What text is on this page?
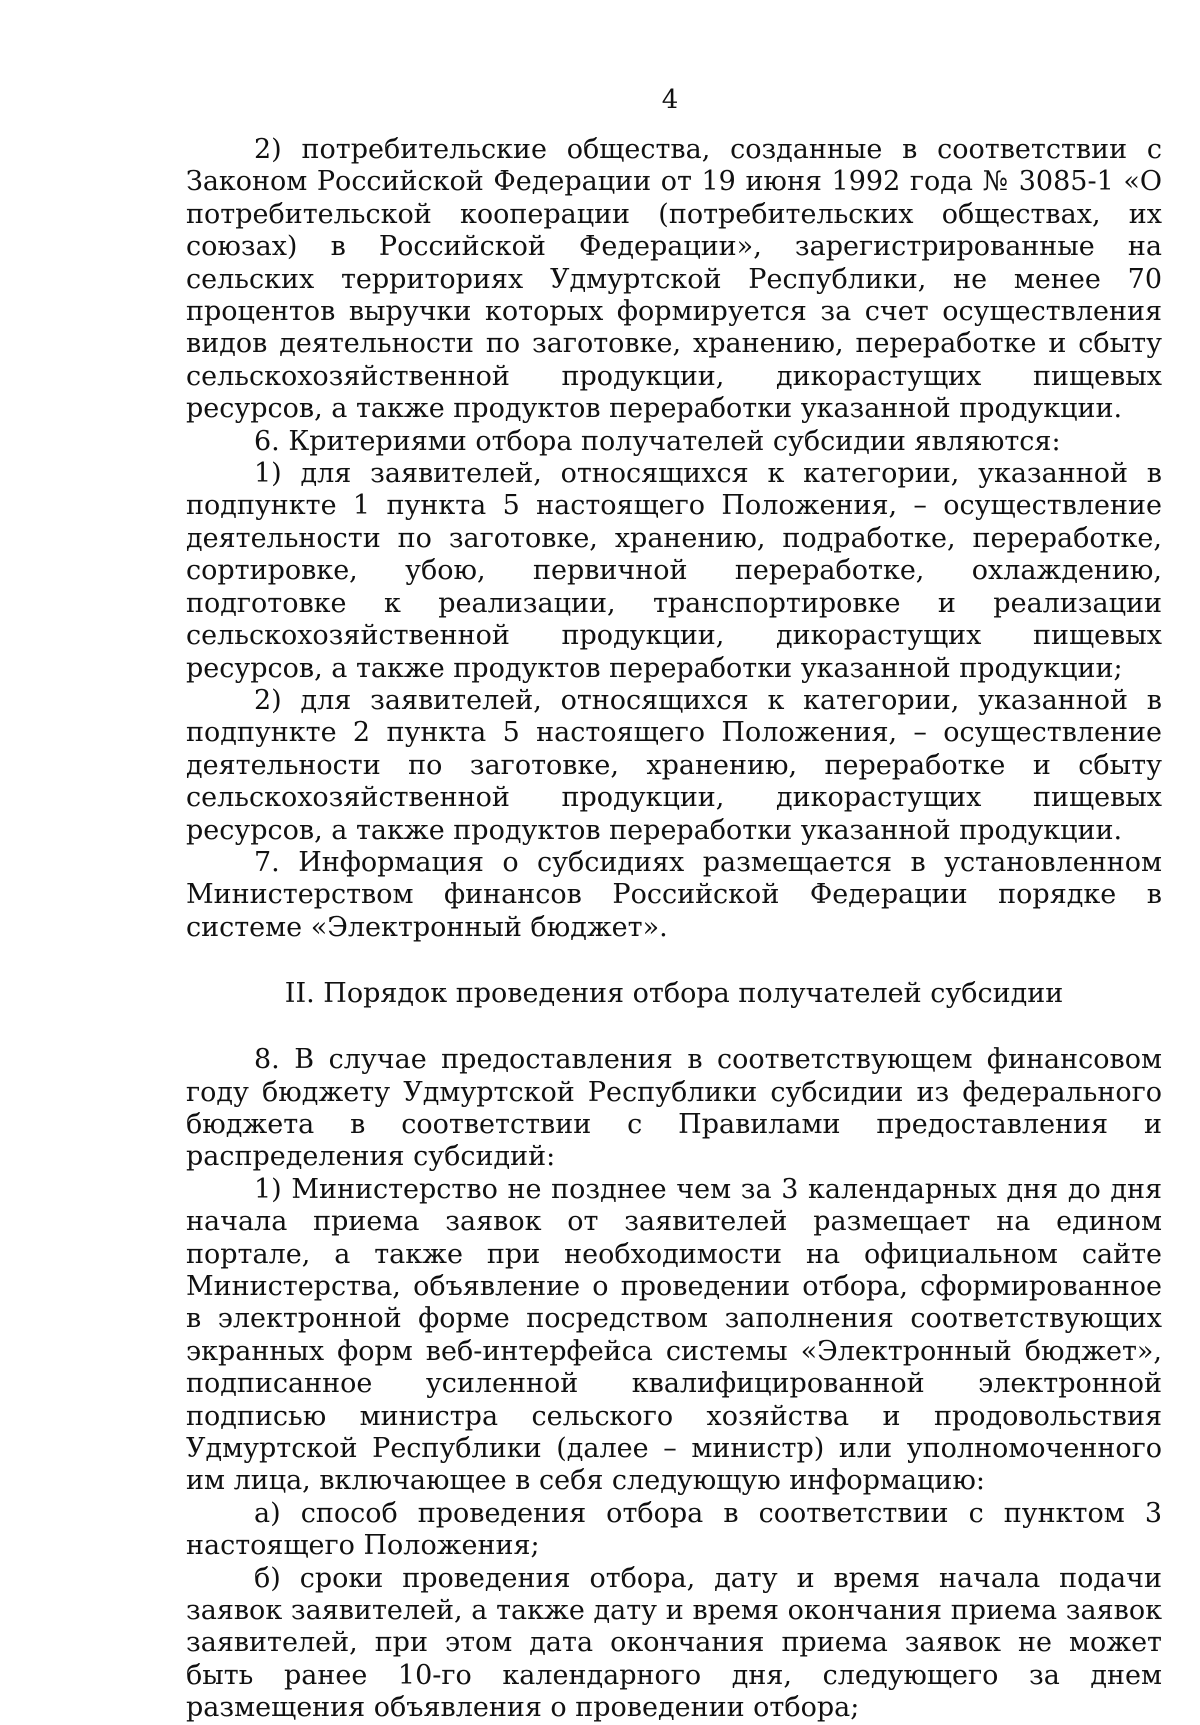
4

2) потребительские общества, созданные в соответствии с Законом Российской Федерации от 19 июня 1992 года № 3085-1 «О потребительской кооперации (потребительских обществах, их союзах) в Российской Федерации», зарегистрированные на сельских территориях Удмуртской Республики, не менее 70 процентов выручки которых формируется за счет осуществления видов деятельности по заготовке, хранению, переработке и сбыту сельскохозяйственной продукции, дикорастущих пищевых ресурсов, а также продуктов переработки указанной продукции.

6. Критериями отбора получателей субсидии являются:

1) для заявителей, относящихся к категории, указанной в подпункте 1 пункта 5 настоящего Положения, – осуществление деятельности по заготовке, хранению, подработке, переработке, сортировке, убою, первичной переработке, охлаждению, подготовке к реализации, транспортировке и реализации сельскохозяйственной продукции, дикорастущих пищевых ресурсов, а также продуктов переработки указанной продукции;

2) для заявителей, относящихся к категории, указанной в подпункте 2 пункта 5 настоящего Положения, – осуществление деятельности по заготовке, хранению, переработке и сбыту сельскохозяйственной продукции, дикорастущих пищевых ресурсов, а также продуктов переработки указанной продукции.

7. Информация о субсидиях размещается в установленном Министерством финансов Российской Федерации порядке в системе «Электронный бюджет».

II. Порядок проведения отбора получателей субсидии

8. В случае предоставления в соответствующем финансовом году бюджету Удмуртской Республики субсидии из федерального бюджета в соответствии с Правилами предоставления и распределения субсидий:

1) Министерство не позднее чем за 3 календарных дня до дня начала приема заявок от заявителей размещает на едином портале, а также при необходимости на официальном сайте Министерства, объявление о проведении отбора, сформированное в электронной форме посредством заполнения соответствующих экранных форм веб-интерфейса системы «Электронный бюджет», подписанное усиленной квалифицированной электронной подписью министра сельского хозяйства и продовольствия Удмуртской Республики (далее – министр) или уполномоченного им лица, включающее в себя следующую информацию:

а) способ проведения отбора в соответствии с пунктом 3 настоящего Положения;

б) сроки проведения отбора, дату и время начала подачи заявок заявителей, а также дату и время окончания приема заявок заявителей, при этом дата окончания приема заявок не может быть ранее 10-го календарного дня, следующего за днем размещения объявления о проведении отбора;
